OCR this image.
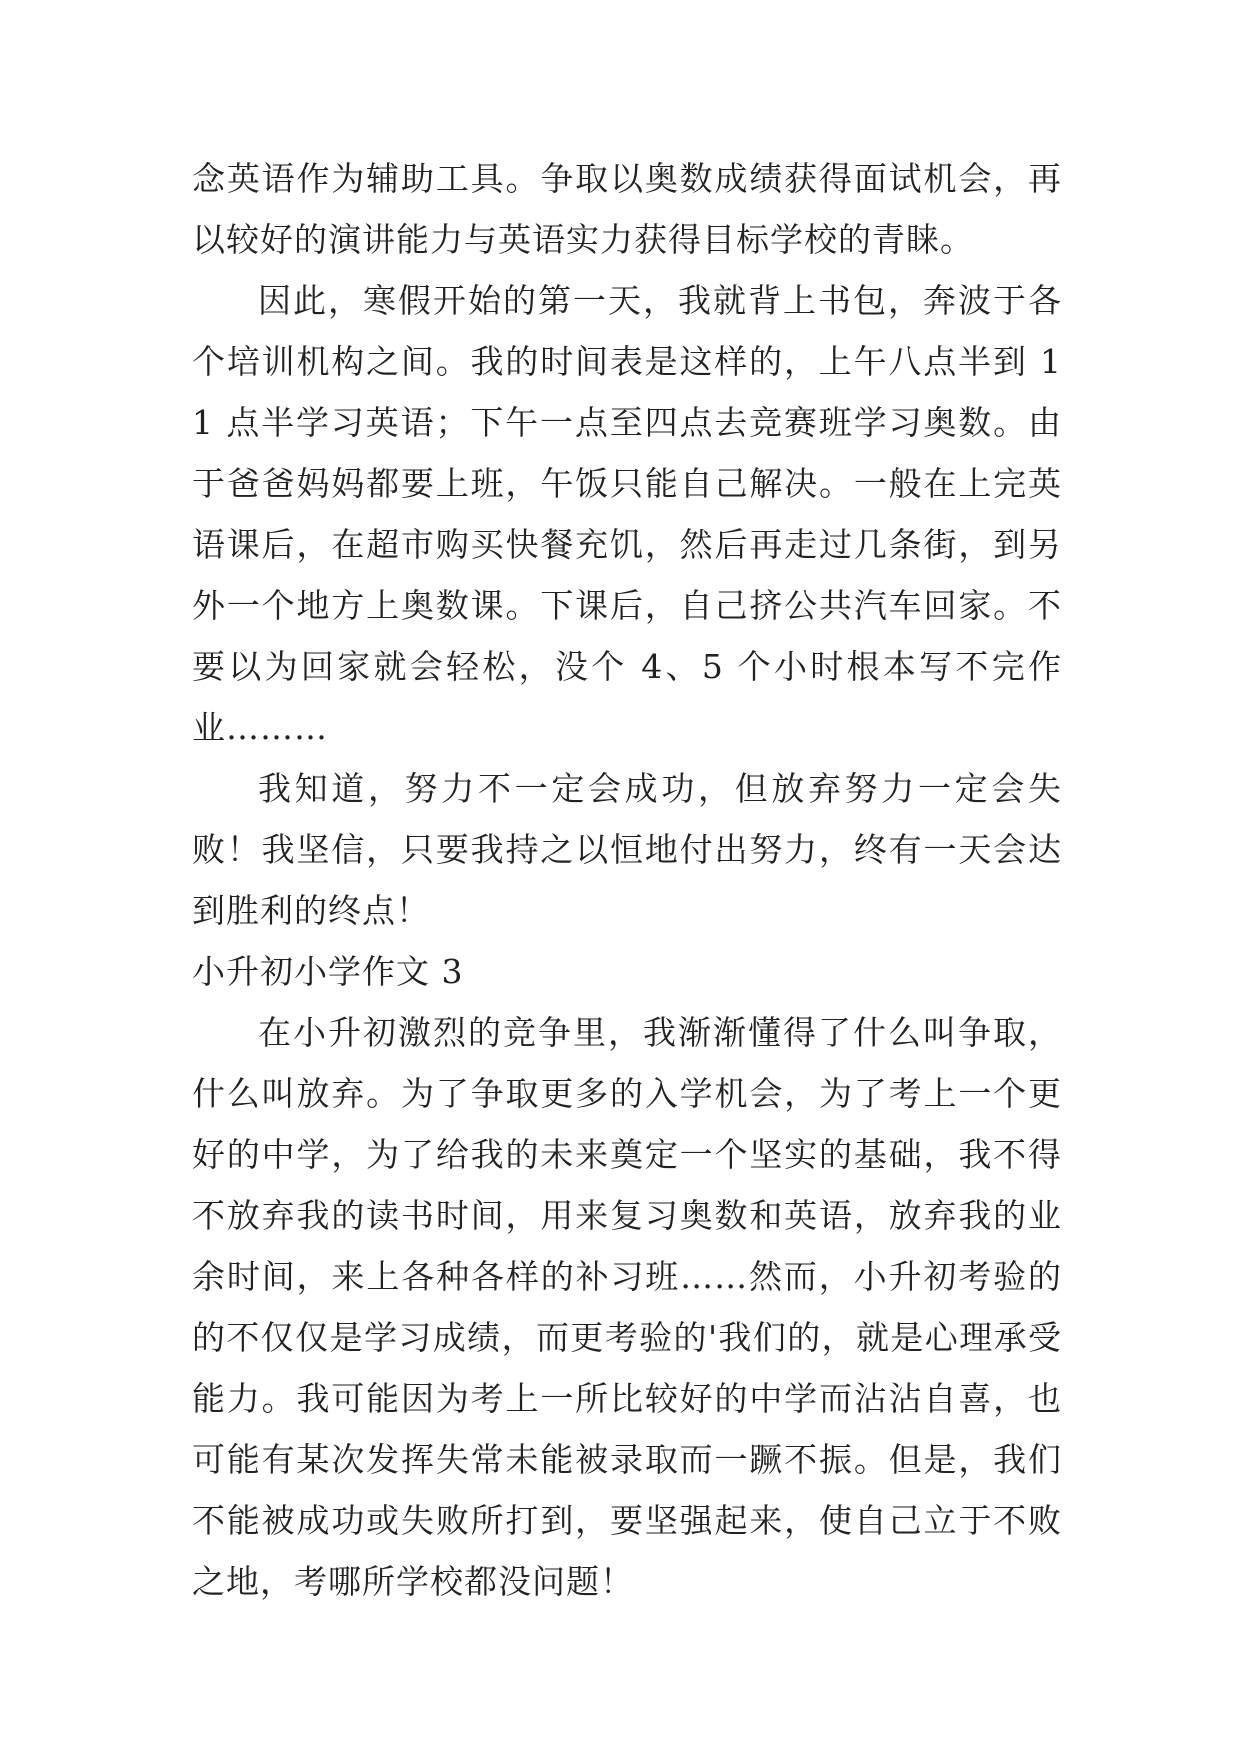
念英语作为辅助工具。争取以奥数成绩获得面试机会，再以较好的演讲能力与英语实力获得目标学校的青睐。

因此，寒假开始的第一天，我就背上书包，奔波于各个培训机构之间。我的时间表是这样的，上午八点半到 11 点半学习英语；下午一点至四点去竞赛班学习奥数。由于爸爸妈妈都要上班，午饭只能自己解决。一般在上完英语课后，在超市购买快餐充饥，然后再走过几条街，到另外一个地方上奥数课。下课后，自己挤公共汽车回家。不要以为回家就会轻松，没个 4、5 个小时根本写不完作业………

我知道，努力不一定会成功，但放弃努力一定会失败！我坚信，只要我持之以恒地付出努力，终有一天会达到胜利的终点！

小升初小学作文 3

在小升初激烈的竞争里，我渐渐懂得了什么叫争取，什么叫放弃。为了争取更多的入学机会，为了考上一个更好的中学，为了给我的未来奠定一个坚实的基础，我不得不放弃我的读书时间，用来复习奥数和英语，放弃我的业余时间，来上各种各样的补习班……然而，小升初考验的的不仅仅是学习成绩，而更考验的'我们的，就是心理承受能力。我可能因为考上一所比较好的中学而沾沾自喜，也可能有某次发挥失常未能被录取而一蹶不振。但是，我们不能被成功或失败所打到，要坚强起来，使自己立于不败之地，考哪所学校都没问题！
